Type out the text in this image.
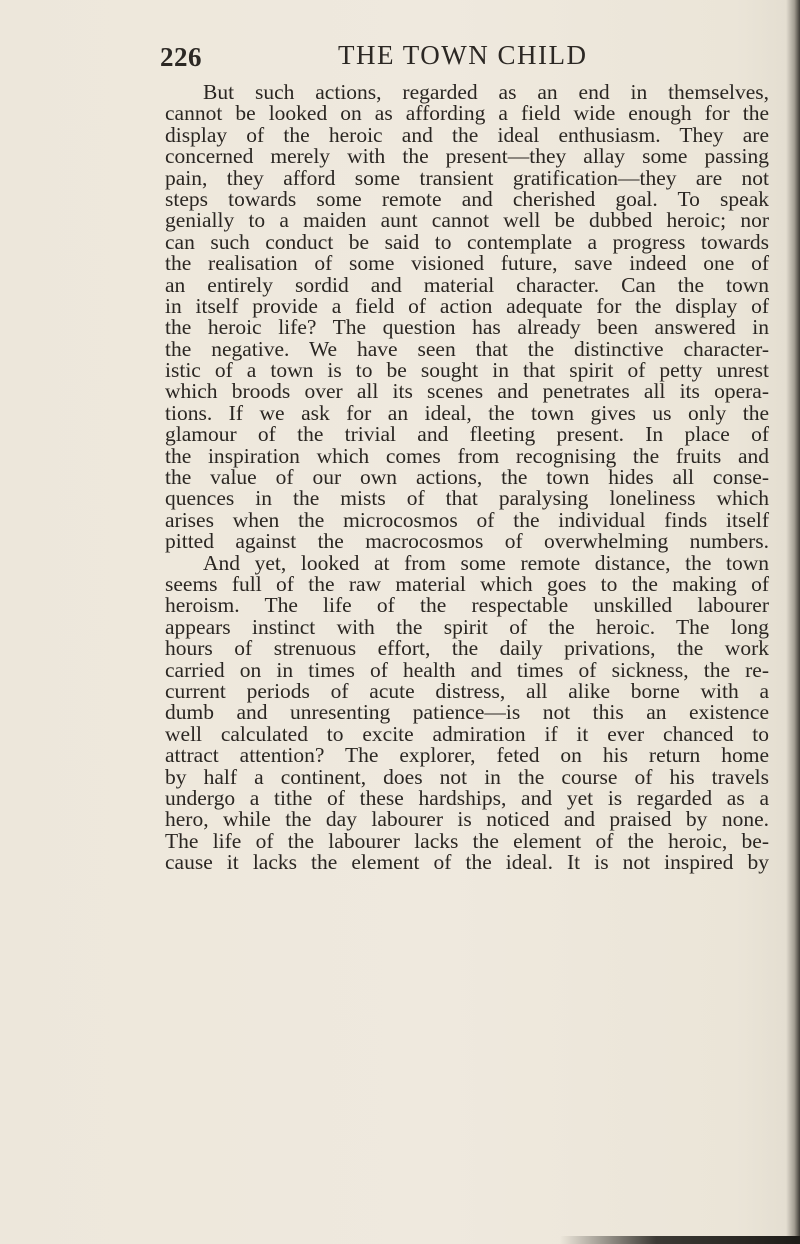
226	THE TOWN CHILD
But such actions, regarded as an end in themselves,
cannot be looked on as affording a field wide enough for the
display of the heroic and the ideal enthusiasm. They are
concerned merely with the present—they allay some passing
pain, they afford some transient gratification—they are not
steps towards some remote and cherished goal. To speak
genially to a maiden aunt cannot well be dubbed heroic; nor
can such conduct be said to contemplate a progress towards
the realisation of some visioned future, save indeed one of
an entirely sordid and material character. Can the town
in itself provide a field of action adequate for the display of
the heroic life? The question has already been answered in
the negative. We have seen that the distinctive character-
istic of a town is to be sought in that spirit of petty unrest
which broods over all its scenes and penetrates all its opera-
tions. If we ask for an ideal, the town gives us only the
glamour of the trivial and fleeting present. In place of
the inspiration which comes from recognising the fruits and
the value of our own actions, the town hides all conse-
quences in the mists of that paralysing loneliness which
arises when the microcosmos of the individual finds itself
pitted against the macrocosmos of overwhelming numbers.
And yet, looked at from some remote distance, the town
seems full of the raw material which goes to the making of
heroism. The life of the respectable unskilled labourer
appears instinct with the spirit of the heroic. The long
hours of strenuous effort, the daily privations, the work
carried on in times of health and times of sickness, the re-
current periods of acute distress, all alike borne with a
dumb and unresenting patience—is not this an existence
well calculated to excite admiration if it ever chanced to
attract attention? The explorer, feted on his return home
by half a continent, does not in the course of his travels
undergo a tithe of these hardships, and yet is regarded as a
hero, while the day labourer is noticed and praised by none.
The life of the labourer lacks the element of the heroic, be-
cause it lacks the element of the ideal. It is not inspired by
